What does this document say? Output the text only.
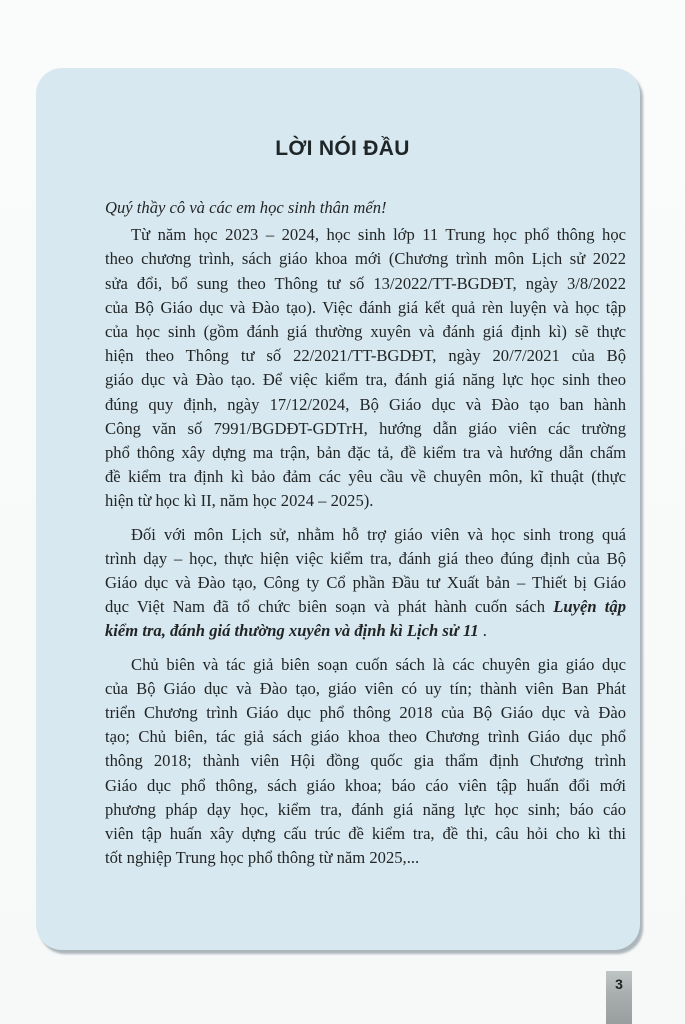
LỜI NÓI ĐẦU

Quý thầy cô và các em học sinh thân mến!

Từ năm học 2023 – 2024, học sinh lớp 11 Trung học phổ thông học
theo chương trình, sách giáo khoa mới (Chương trình môn Lịch sử 2022
sửa đổi, bổ sung theo Thông tư số 13/2022/TT-BGDĐT, ngày 3/8/2022
của Bộ Giáo dục và Đào tạo). Việc đánh giá kết quả rèn luyện và học tập
của học sinh (gồm đánh giá thường xuyên và đánh giá định kì) sẽ thực
hiện theo Thông tư số 22/2021/TT-BGDĐT, ngày 20/7/2021 của Bộ
giáo dục và Đào tạo. Để việc kiểm tra, đánh giá năng lực học sinh theo
đúng quy định, ngày 17/12/2024, Bộ Giáo dục và Đào tạo ban hành
Công văn số 7991/BGDĐT-GDTrH, hướng dẫn giáo viên các trường
phổ thông xây dựng ma trận, bản đặc tả, đề kiểm tra và hướng dẫn chấm
đề kiểm tra định kì bảo đảm các yêu cầu về chuyên môn, kĩ thuật (thực
hiện từ học kì II, năm học 2024 – 2025).

Đối với môn Lịch sử, nhằm hỗ trợ giáo viên và học sinh trong quá
trình dạy – học, thực hiện việc kiểm tra, đánh giá theo đúng định của Bộ
Giáo dục và Đào tạo, Công ty Cổ phần Đầu tư Xuất bản – Thiết bị Giáo
dục Việt Nam đã tổ chức biên soạn và phát hành cuốn sách Luyện tập
kiểm tra, đánh giá thường xuyên và định kì Lịch sử 11 .

Chủ biên và tác giả biên soạn cuốn sách là các chuyên gia giáo dục
của Bộ Giáo dục và Đào tạo, giáo viên có uy tín; thành viên Ban Phát
triển Chương trình Giáo dục phổ thông 2018 của Bộ Giáo dục và Đào
tạo; Chủ biên, tác giả sách giáo khoa theo Chương trình Giáo dục phổ
thông 2018; thành viên Hội đồng quốc gia thẩm định Chương trình
Giáo dục phổ thông, sách giáo khoa; báo cáo viên tập huấn đổi mới
phương pháp dạy học, kiểm tra, đánh giá năng lực học sinh; báo cáo
viên tập huấn xây dựng cấu trúc đề kiểm tra, đề thi, câu hỏi cho kì thi
tốt nghiệp Trung học phổ thông từ năm 2025,...

3
